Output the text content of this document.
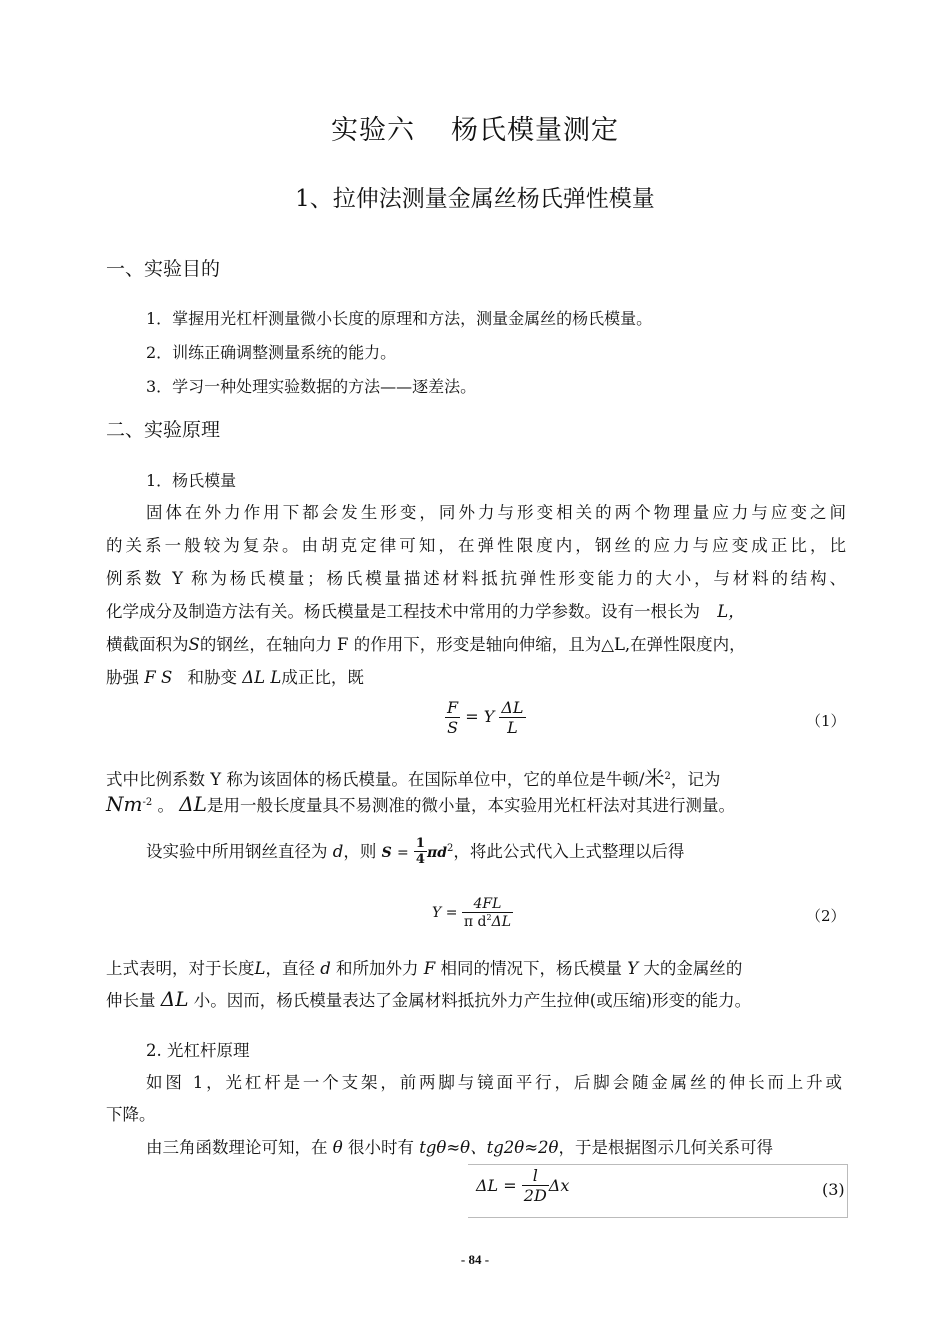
实验六 杨氏模量测定
1、拉伸法测量金属丝杨氏弹性模量
一、实验目的
1．掌握用光杠杆测量微小长度的原理和方法，测量金属丝的杨氏模量。
2．训练正确调整测量系统的能力。
3．学习一种处理实验数据的方法——逐差法。
二、实验原理
1．杨氏模量
固体在外力作用下都会发生形变，同外力与形变相关的两个物理量应力与应变之间
的关系一般较为复杂。由胡克定律可知，在弹性限度内，钢丝的应力与应变成正比，比
例系数 Y 称为杨氏模量；杨氏模量描述材料抵抗弹性形变能力的大小，与材料的结构、
化学成分及制造方法有关。杨氏模量是工程技术中常用的力学参数。设有一根长为 L，
横截面积为S的钢丝，在轴向力 F 的作用下，形变是轴向伸缩，且为△L,在弹性限度内，
胁强 F S 和胁变 ΔL L成正比，既
$\frac{F}{S} = Y \frac{\Delta L}{L}$	（1）
式中比例系数 Y 称为该固体的杨氏模量。在国际单位中，它的单位是牛顿/米$^2$，记为
$Nm^{-2}$ 。 ΔL是用一般长度量具不易测准的微小量，本实验用光杠杆法对其进行测量。
设实验中所用钢丝直径为 d，则 $S = \frac{1}{4} \pi d^2$，将此公式代入上式整理以后得
$Y = \frac{4FL}{\pi d^2\Delta L}$	（2）
上式表明，对于长度L，直径 d 和所加外力 F 相同的情况下，杨氏模量 Y 大的金属丝的
伸长量 ΔL 小。因而，杨氏模量表达了金属材料抵抗外力产生拉伸(或压缩)形变的能力。
2. 光杠杆原理
如图 1，光杠杆是一个支架，前两脚与镜面平行，后脚会随金属丝的伸长而上升或
下降。
由三角函数理论可知，在 θ 很小时有 tgθ≈θ、tg2θ≈2θ，于是根据图示几何关系可得
$\Delta L = \frac{l}{2D}$ Δx	(3)
- 84 -
